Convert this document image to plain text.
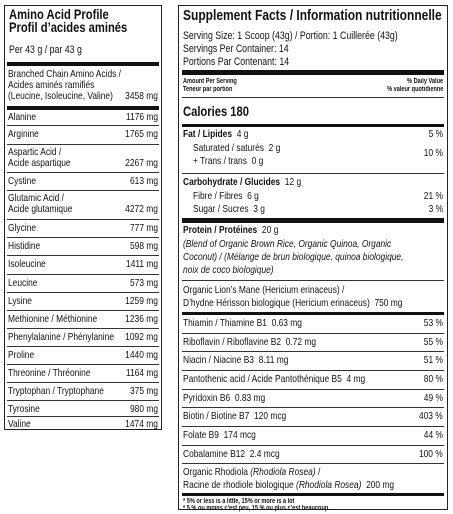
Amino Acid Profile
Profil d’acides aminés
Per 43 g / par 43 g
Branched Chain Amino Acids /
Acides aminés ramifiés
(Leucine, Isoleucine, Valine) 3458 mg
Alanine	1176 mg
Arginine	1765 mg
Aspartic Acid /
Acide aspartique	2267 mg
Cystine	613 mg
Glutamic Acid /
Acide glutamique	4272 mg
Glycine	777 mg
Histidine	598 mg
Isoleucine	1411 mg
Leucine	573 mg
Lysine	1259 mg
Methionine / Méthionine	1236 mg
Phenylalanine / Phénylanine 1092 mg
Proline	1440 mg
Threonine / Thréonine	1164 mg
Tryptophan / Tryptophane 375 mg
Tyrosine	980 mg
Valine	1474 mg
Supplement Facts / Information nutritionnelle
Serving Size: 1 Scoop (43g) / Portion: 1 Cuillerée (43g)
Servings Per Container: 14
Portions Par Contenant: 14
Amount Per Serving
Teneur par portion
% Daily Value
% valeur quotidienne
Calories 180
Fat / Lipides 4 g	5 %
Saturated / saturés 2 g	10 %
+ Trans / trans 0 g
Carbohydrate / Glucides 12 g
Fibre / Fibres 6 g	21 %
Sugar / Sucres 3 g	3 %
Protein / Protéines 20 g
(Blend of Organic Brown Rice, Organic Quinoa, Organic
Coconut) / (Mélange de brun biologique, quinoa biologique,
noix de coco biologique)
Organic Lion’s Mane (Hericium erinaceus) /
D’hydne Hérisson biologique (Hericium erinaceus) 750 mg
Thiamin / Thiamine B1 0.63 mg	53 %
Riboflavin / Riboflavine B2 0.72 mg	55 %
Niacin / Niacine B3 8.11 mg	51 %
Pantothenic acid / Acide Pantothénique B5 4 mg	80 %
Pyridoxin B6 0.83 mg	49 %
Biotin / Biotine B7 120 mcg	403 %
Folate B9 174 mcg	44 %
Cobalamine B12 2.4 mcg	100 %
Organic Rhodiola (Rhodiola Rosea) /
Racine de rhodiole biologique (Rhodiola Rosea) 200 mg
* 5% or less is a little, 15% or more is a lot
* 5 % ou moins c’est peu, 15 % ou plus c’est beaucoup
